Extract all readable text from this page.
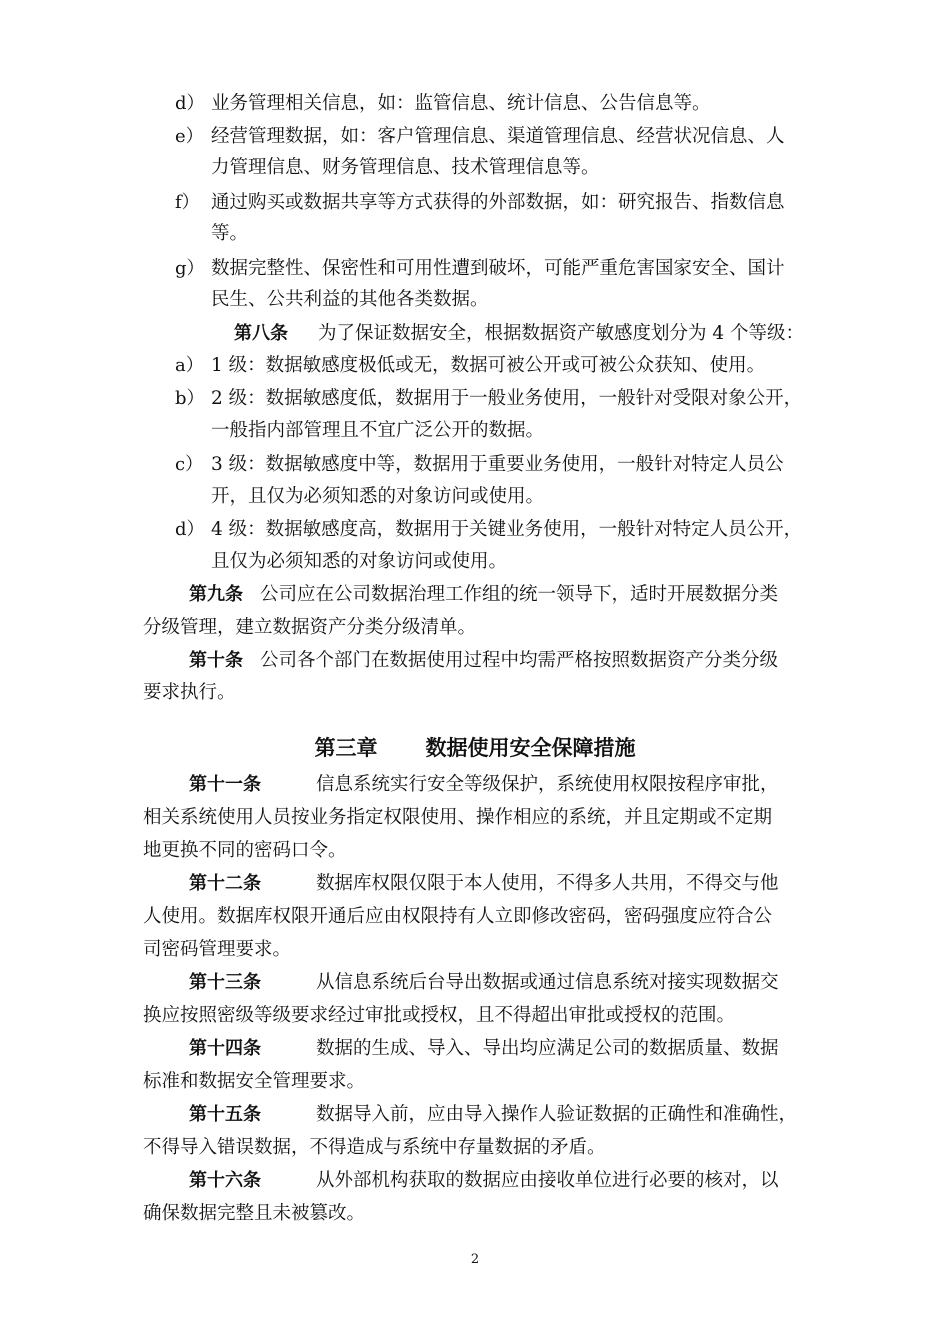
d） 业务管理相关信息，如：监管信息、统计信息、公告信息等。
e） 经营管理数据，如：客户管理信息、渠道管理信息、经营状况信息、人
力管理信息、财务管理信息、技术管理信息等。
f） 通过购买或数据共享等方式获得的外部数据，如：研究报告、指数信息
等。
g） 数据完整性、保密性和可用性遭到破坏，可能严重危害国家安全、国计
民生、公共利益的其他各类数据。
第八条 为了保证数据安全，根据数据资产敏感度划分为 4 个等级：
a） 1 级：数据敏感度极低或无，数据可被公开或可被公众获知、使用。
b） 2 级：数据敏感度低，数据用于一般业务使用，一般针对受限对象公开，
一般指内部管理且不宜广泛公开的数据。
c） 3 级：数据敏感度中等，数据用于重要业务使用，一般针对特定人员公
开，且仅为必须知悉的对象访问或使用。
d） 4 级：数据敏感度高，数据用于关键业务使用，一般针对特定人员公开，
且仅为必须知悉的对象访问或使用。
第九条 公司应在公司数据治理工作组的统一领导下，适时开展数据分类
分级管理，建立数据资产分类分级清单。
第十条 公司各个部门在数据使用过程中均需严格按照数据资产分类分级
要求执行。
第三章 数据使用安全保障措施
第十一条	信息系统实行安全等级保护，系统使用权限按程序审批，
相关系统使用人员按业务指定权限使用、操作相应的系统，并且定期或不定期
地更换不同的密码口令。
第十二条	数据库权限仅限于本人使用，不得多人共用，不得交与他
人使用。数据库权限开通后应由权限持有人立即修改密码，密码强度应符合公
司密码管理要求。
第十三条	从信息系统后台导出数据或通过信息系统对接实现数据交
换应按照密级等级要求经过审批或授权，且不得超出审批或授权的范围。
第十四条	数据的生成、导入、导出均应满足公司的数据质量、数据
标准和数据安全管理要求。
第十五条	数据导入前，应由导入操作人验证数据的正确性和准确性，
不得导入错误数据，不得造成与系统中存量数据的矛盾。
第十六条	从外部机构获取的数据应由接收单位进行必要的核对，以
确保数据完整且未被篡改。
2
